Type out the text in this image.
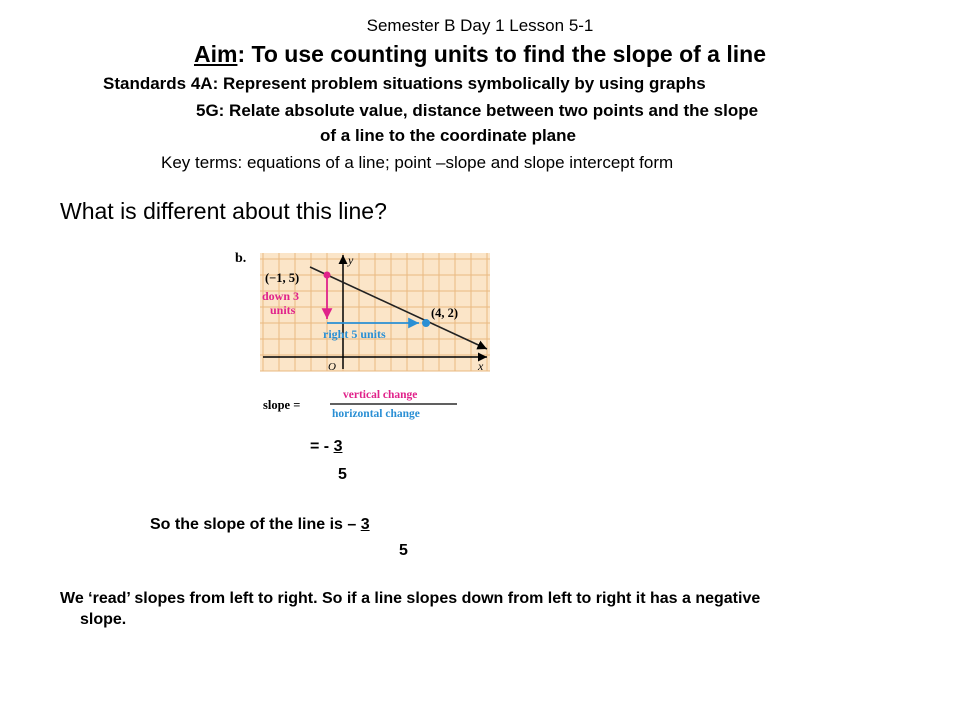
Semester B Day 1 Lesson 5-1
Aim: To use counting units to find the slope of a line
Standards 4A: Represent problem situations symbolically by using graphs
5G: Relate absolute value, distance between two points and the slope
of a line to the coordinate plane
Key terms: equations of a line; point –slope and slope intercept form
What is different about this line?
b.	y
x
O
(−1, 5)
(4, 2)
down 3
units
right 5 units
slope =
vertical change
horizontal change
= - 3
5
So the slope of the line is – 3
5
We ‘read’ slopes from left to right. So if a line slopes down from left to right it has a negative
slope.
